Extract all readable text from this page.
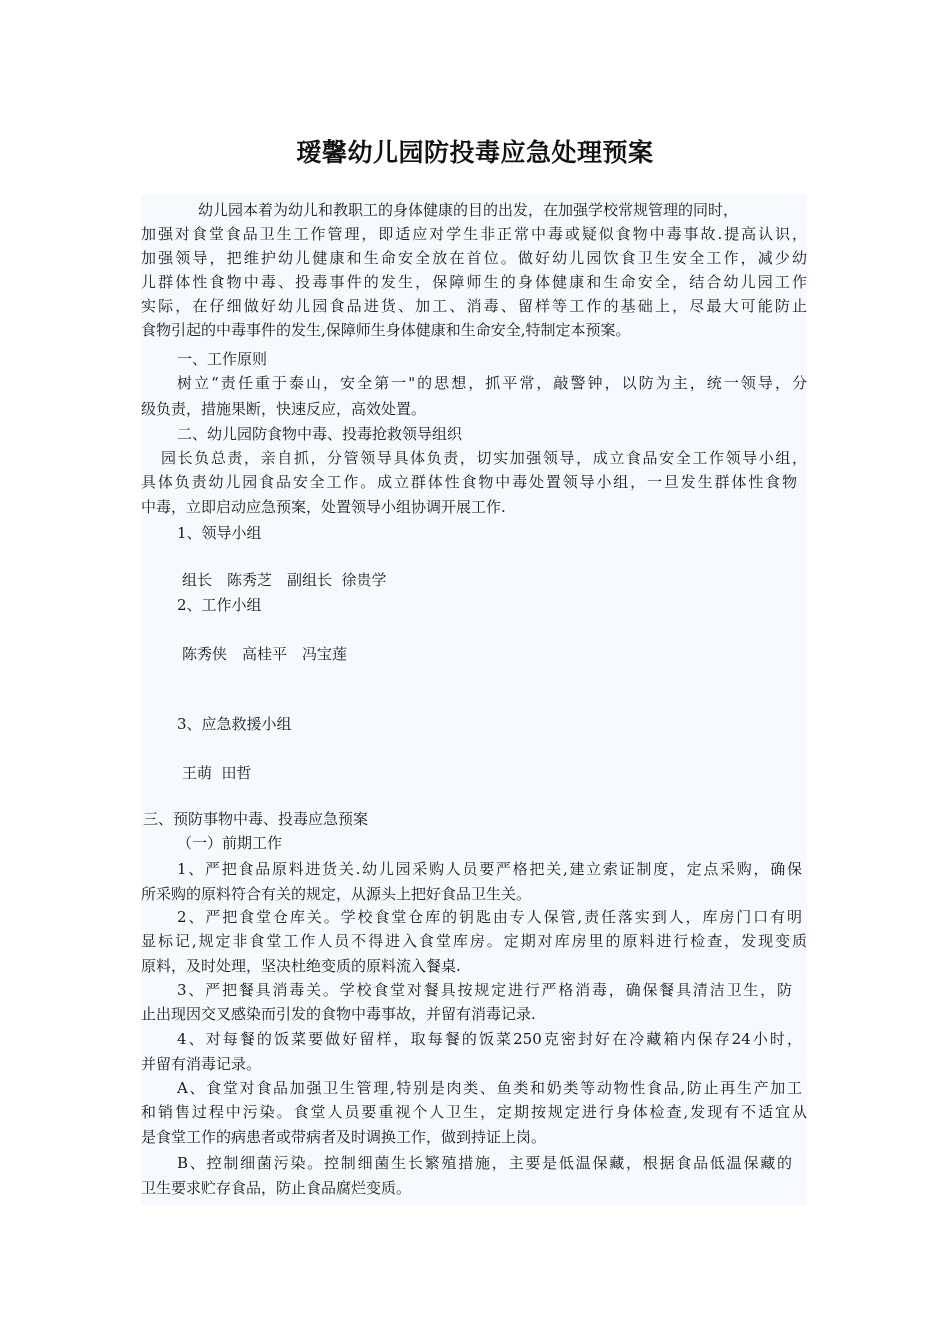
瑷馨幼儿园防投毒应急处理预案
幼儿园本着为幼儿和教职工的身体健康的目的出发，在加强学校常规管理的同时，
加强对食堂食品卫生工作管理，即适应对学生非正常中毒或疑似食物中毒事故.提高认识，
加强领导，把维护幼儿健康和生命安全放在首位。做好幼儿园饮食卫生安全工作，减少幼
儿群体性食物中毒、投毒事件的发生，保障师生的身体健康和生命安全，结合幼儿园工作
实际，在仔细做好幼儿园食品进货、加工、消毒、留样等工作的基础上，尽最大可能防止
食物引起的中毒事件的发生,保障师生身体健康和生命安全,特制定本预案。
一、工作原则
树立“责任重于泰山，安全第一"的思想，抓平常，敲警钟，以防为主，统一领导，分
级负责，措施果断，快速反应，高效处置。
二、幼儿园防食物中毒、投毒抢救领导组织
园长负总责，亲自抓，分管领导具体负责，切实加强领导，成立食品安全工作领导小组，
具体负责幼儿园食品安全工作。成立群体性食物中毒处置领导小组，一旦发生群体性食物
中毒，立即启动应急预案，处置领导小组协调开展工作.
1、领导小组
组长　陈秀芝　副组长  徐贵学
2、工作小组
陈秀侠　高桂平　冯宝莲
3、应急救援小组
王萌  田哲
三、预防事物中毒、投毒应急预案
（一）前期工作
1、严把食品原料进货关.幼儿园采购人员要严格把关,建立索证制度，定点采购，确保
所采购的原料符合有关的规定，从源头上把好食品卫生关。
2、严把食堂仓库关。学校食堂仓库的钥匙由专人保管,责任落实到人，库房门口有明
显标记,规定非食堂工作人员不得进入食堂库房。定期对库房里的原料进行检查，发现变质
原料，及时处理，坚决杜绝变质的原料流入餐桌.
3、严把餐具消毒关。学校食堂对餐具按规定进行严格消毒，确保餐具清洁卫生，防
止出现因交叉感染而引发的食物中毒事故，并留有消毒记录.
4、对每餐的饭菜要做好留样，取每餐的饭菜250克密封好在冷藏箱内保存24小时，
并留有消毒记录。
A、食堂对食品加强卫生管理,特别是肉类、鱼类和奶类等动物性食品,防止再生产加工
和销售过程中污染。食堂人员要重视个人卫生，定期按规定进行身体检查,发现有不适宜从
是食堂工作的病患者或带病者及时调换工作，做到持证上岗。
B、控制细菌污染。控制细菌生长繁殖措施，主要是低温保藏，根据食品低温保藏的
卫生要求贮存食品，防止食品腐烂变质。
